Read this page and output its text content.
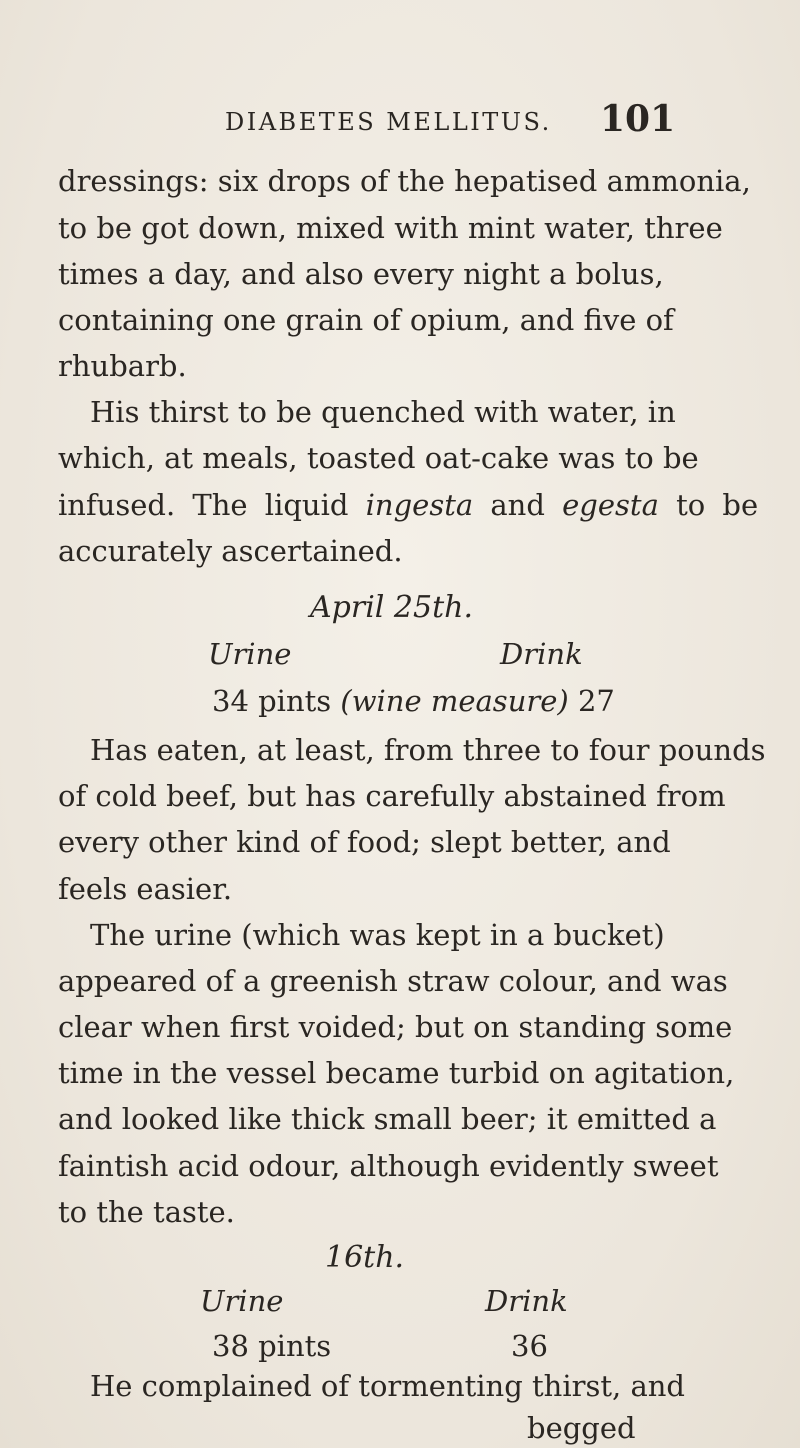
DIABETES MELLITUS. 101
dressings: six drops of the hepatised ammonia,
to be got down, mixed with mint water, three
times a day, and also every night a bolus,
containing one grain of opium, and five of
rhubarb.
His thirst to be quenched with water, in
which, at meals, toasted oat-cake was to be
infused. The liquid ingesta and egesta to be
accurately ascertained.
April 25th.
Urine	Drink
34 pints (wine measure) 27
Has eaten, at least, from three to four pounds
of cold beef, but has carefully abstained from
every other kind of food; slept better, and
feels easier.
The urine (which was kept in a bucket)
appeared of a greenish straw colour, and was
clear when first voided; but on standing some
time in the vessel became turbid on agitation,
and looked like thick small beer; it emitted a
faintish acid odour, although evidently sweet
to the taste.
16th.
Urine	Drink
38 pints	36
He complained of tormenting thirst, and
begged
